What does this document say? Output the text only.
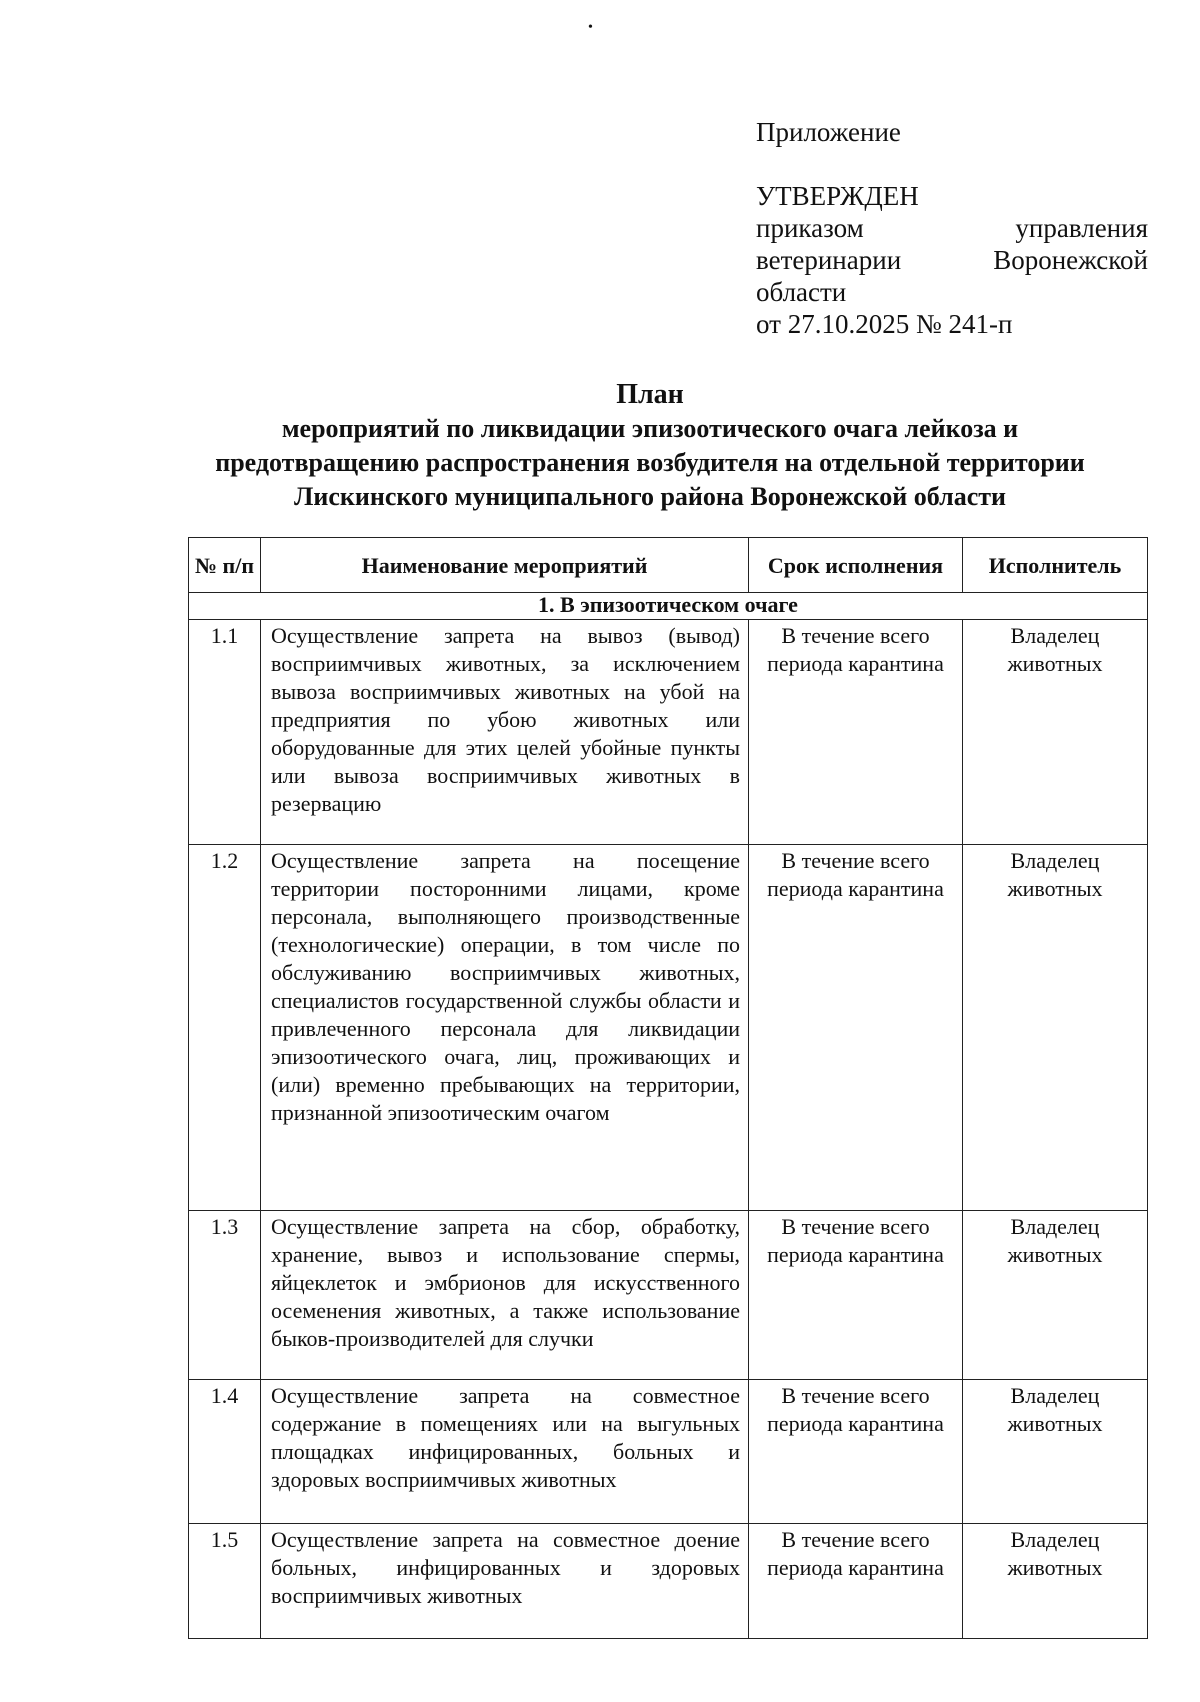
•
Приложение
УТВЕРЖДЕН
приказом управления
ветеринарии Воронежской
области
от 27.10.2025 № 241-п
План
мероприятий по ликвидации эпизоотического очага лейкоза и
предотвращению распространения возбудителя на отдельной территории
Лискинского муниципального района Воронежской области
№ п/п	Наименование мероприятий	Срок исполнения	Исполнитель
1. В эпизоотическом очаге			
1.1	Осуществление запрета на вывоз (вывод) восприимчивых животных, за исключением вывоза восприимчивых животных на убой на предприятия по убою животных или оборудованные для этих целей убойные пункты или вывоза восприимчивых животных в резервацию	В течение всего периода карантина	Владелец животных
1.2	Осуществление запрета на посещение территории посторонними лицами, кроме персонала, выполняющего производственные (технологические) операции, в том числе по обслуживанию восприимчивых животных, специалистов государственной службы области и привлеченного персонала для ликвидации эпизоотического очага, лиц, проживающих и (или) временно пребывающих на территории, признанной эпизоотическим очагом	В течение всего периода карантина	Владелец животных
1.3	Осуществление запрета на сбор, обработку, хранение, вывоз и использование спермы, яйцеклеток и эмбрионов для искусственного осеменения животных, а также использование быков-производителей для случки	В течение всего периода карантина	Владелец животных
1.4	Осуществление запрета на совместное содержание в помещениях или на выгульных площадках инфицированных, больных и здоровых восприимчивых животных	В течение всего периода карантина	Владелец животных
1.5	Осуществление запрета на совместное доение больных, инфицированных и здоровых восприимчивых животных	В течение всего периода карантина	Владелец животных
